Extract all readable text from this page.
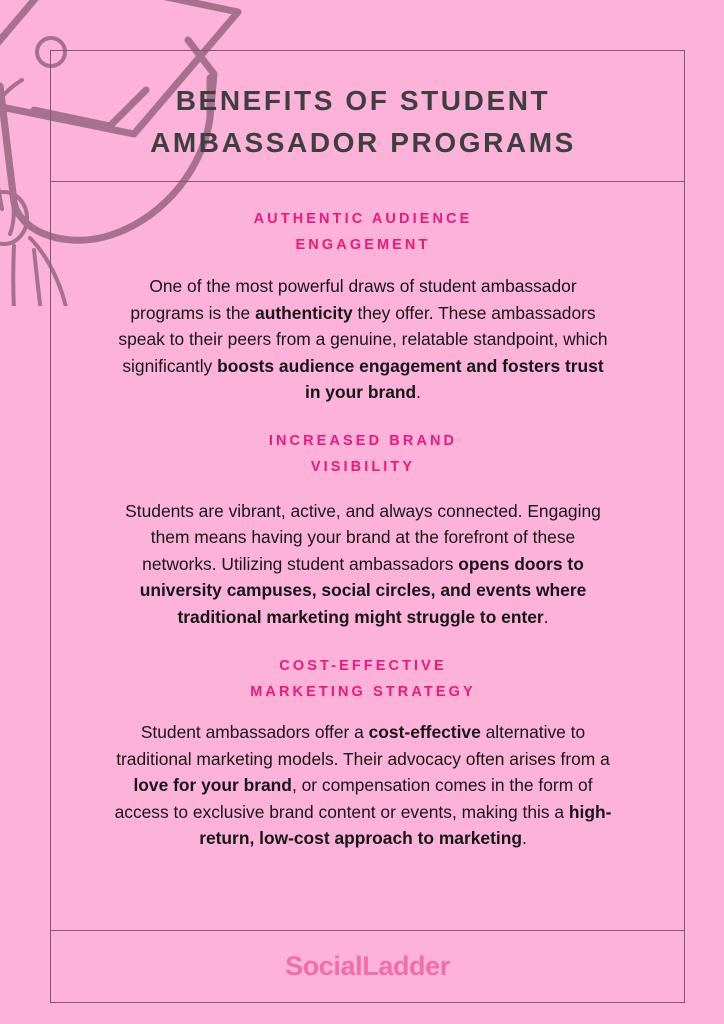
BENEFITS OF STUDENT
AMBASSADOR PROGRAMS
AUTHENTIC AUDIENCE
ENGAGEMENT
One of the most powerful draws of student ambassador programs is the authenticity they offer. These ambassadors speak to their peers from a genuine, relatable standpoint, which significantly boosts audience engagement and fosters trust in your brand.
INCREASED BRAND
VISIBILITY
Students are vibrant, active, and always connected. Engaging them means having your brand at the forefront of these networks. Utilizing student ambassadors opens doors to university campuses, social circles, and events where traditional marketing might struggle to enter.
COST-EFFECTIVE
MARKETING STRATEGY
Student ambassadors offer a cost-effective alternative to traditional marketing models. Their advocacy often arises from a love for your brand, or compensation comes in the form of access to exclusive brand content or events, making this a high-return, low-cost approach to marketing.
SocialLadder
